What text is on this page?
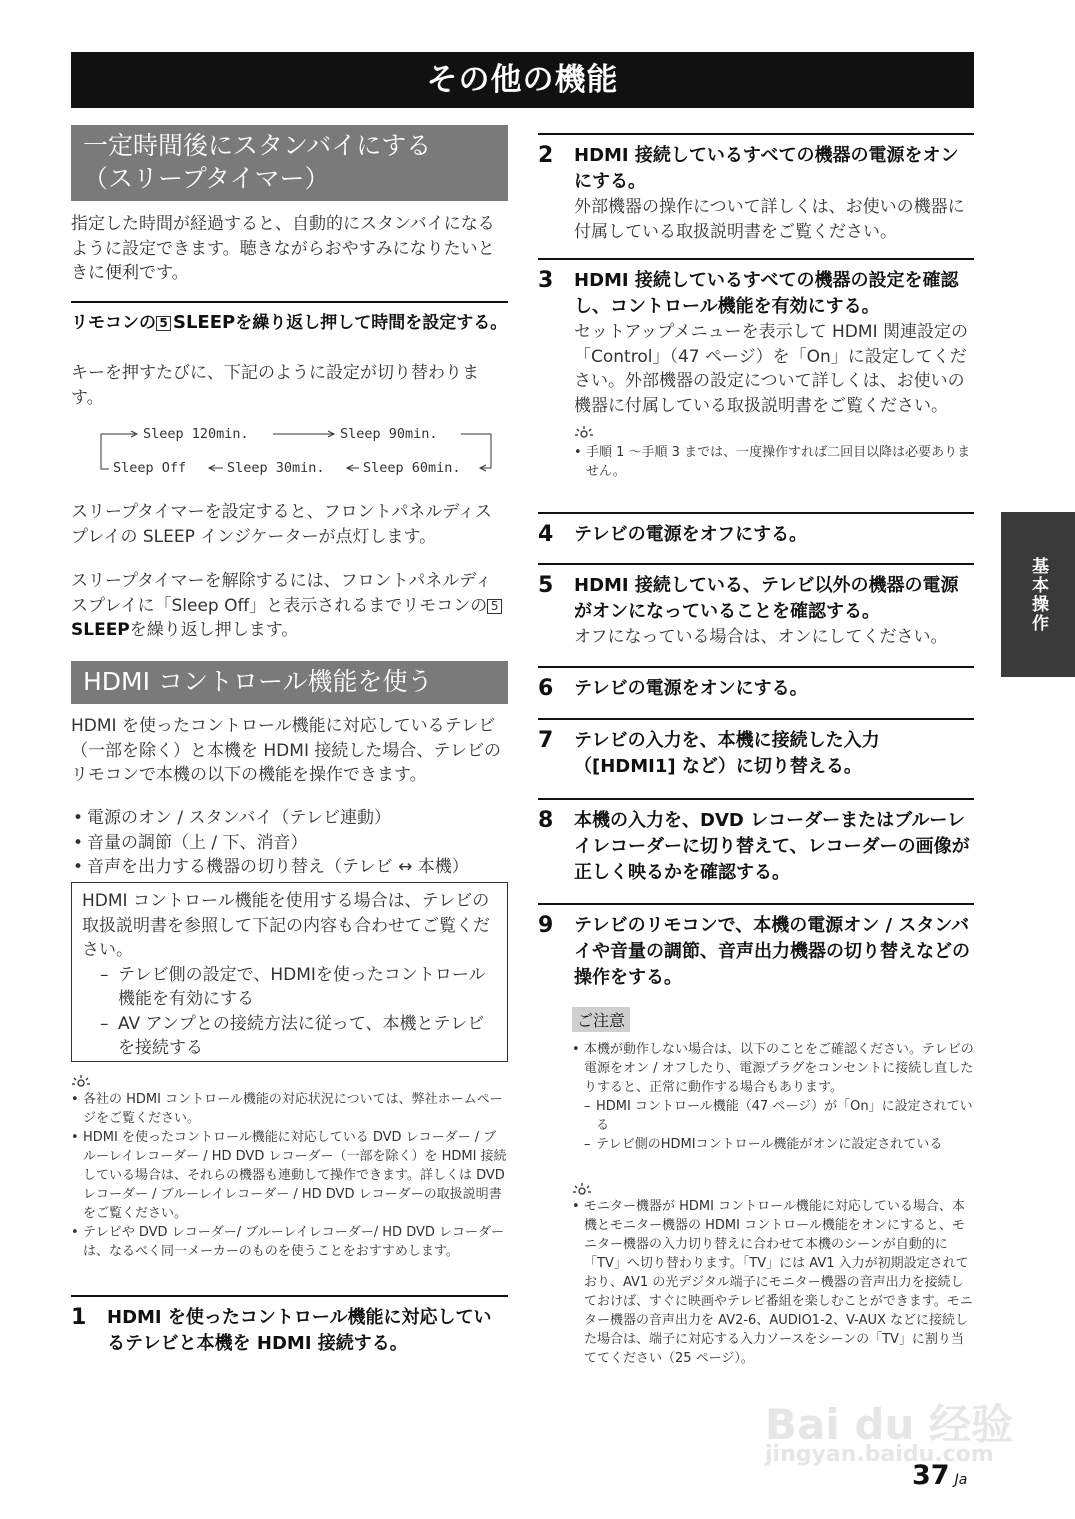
その他の機能
基本操作
一定時間後にスタンバイにする
（スリープタイマー）
指定した時間が経過すると、自動的にスタンバイになるように設定できます。聴きながらおやすみになりたいときに便利です。
リモコンの 5 SLEEPを繰り返し押して時間を設定する。
キーを押すたびに、下記のように設定が切り替わります。
Sleep 120min.	Sleep 90min.
Sleep Off	Sleep 30min.	Sleep 60min.
スリープタイマーを設定すると、フロントパネルディスプレイの SLEEP インジケーターが点灯します。
スリープタイマーを解除するには、フロントパネルディスプレイに「Sleep Off」と表示されるまでリモコンの 5SLEEPを繰り返し押します。
HDMI コントロール機能を使う
HDMI を使ったコントロール機能に対応しているテレビ（一部を除く）と本機を HDMI 接続した場合、テレビのリモコンで本機の以下の機能を操作できます。
• 電源のオン / スタンバイ（テレビ連動）
• 音量の調節（上 / 下、消音）
• 音声を出力する機器の切り替え（テレビ ↔ 本機）
HDMI コントロール機能を使用する場合は、テレビの取扱説明書を参照して下記の内容も合わせてご覧ください。
– テレビ側の設定で、HDMIを使ったコントロール機能を有効にする
– AV アンプとの接続方法に従って、本機とテレビを接続する
• 各社の HDMI コントロール機能の対応状況については、弊社ホームページをご覧ください。
• HDMI を使ったコントロール機能に対応している DVD レコーダー / ブルーレイレコーダー / HD DVD レコーダー（一部を除く）を HDMI 接続している場合は、それらの機器も連動して操作できます。詳しくは DVD レコーダー / ブルーレイレコーダー / HD DVD レコーダーの取扱説明書をご覧ください。
• テレビや DVD レコーダー/ ブルーレイレコーダー/ HD DVD レコーダーは、なるべく同一メーカーのものを使うことをおすすめします。
1 HDMI を使ったコントロール機能に対応しているテレビと本機を HDMI 接続する。
2 HDMI 接続しているすべての機器の電源をオンにする。
外部機器の操作について詳しくは、お使いの機器に付属している取扱説明書をご覧ください。
3 HDMI 接続しているすべての機器の設定を確認し、コントロール機能を有効にする。
セットアップメニューを表示して HDMI 関連設定の「Control」（47 ページ）を「On」に設定してください。外部機器の設定について詳しくは、お使いの機器に付属している取扱説明書をご覧ください。
• 手順 1 ～手順 3 までは、一度操作すれば二回目以降は必要ありません。
4 テレビの電源をオフにする。
5 HDMI 接続している、テレビ以外の機器の電源がオンになっていることを確認する。
オフになっている場合は、オンにしてください。
6 テレビの電源をオンにする。
7 テレビの入力を、本機に接続した入力（[HDMI1] など）に切り替える。
8 本機の入力を、DVD レコーダーまたはブルーレイレコーダーに切り替えて、レコーダーの画像が正しく映るかを確認する。
9 テレビのリモコンで、本機の電源オン / スタンバイや音量の調節、音声出力機器の切り替えなどの操作をする。
ご注意
• 本機が動作しない場合は、以下のことをご確認ください。テレビの電源をオン / オフしたり、電源プラグをコンセントに接続し直したりすると、正常に動作する場合もあります。
– HDMI コントロール機能（47 ページ）が「On」に設定されている
– テレビ側のHDMIコントロール機能がオンに設定されている
• モニター機器が HDMI コントロール機能に対応している場合、本機とモニター機器の HDMI コントロール機能をオンにすると、モニター機器の入力切り替えに合わせて本機のシーンが自動的に「TV」へ切り替わります。「TV」には AV1 入力が初期設定されており、AV1 の光デジタル端子にモニター機器の音声出力を接続しておけば、すぐに映画やテレビ番組を楽しむことができます。モニター機器の音声出力を AV2-6、AUDIO1-2、V-AUX などに接続した場合は、端子に対応する入力ソースをシーンの「TV」に割り当ててください（25 ページ）。
Bai du 经验
jingyan.baidu.com
37 Ja
